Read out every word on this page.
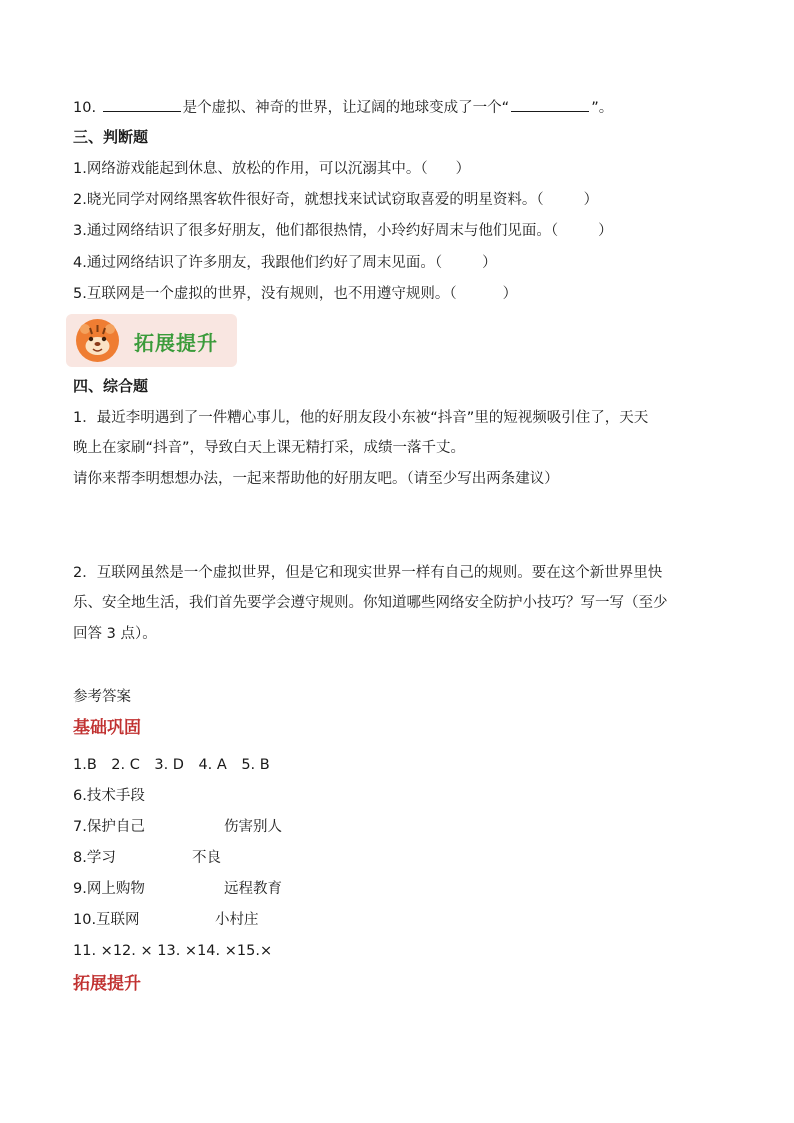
10.	是个虚拟、神奇的世界，让辽阔的地球变成了一个“	”。
三、判断题
1.网络游戏能起到休息、放松的作用，可以沉溺其中。（ ）
2.晓光同学对网络黑客软件很好奇，就想找来试试窃取喜爱的明星资料。（	）
3.通过网络结识了很多好朋友，他们都很热情，小玲约好周末与他们见面。（	）
4.通过网络结识了许多朋友，我跟他们约好了周末见面。（	）
5.互联网是一个虚拟的世界，没有规则，也不用遵守规则。（	）
拓展提升
四、综合题
1．最近李明遇到了一件糟心事儿，他的好朋友段小东被“抖音”里的短视频吸引住了，天天
晚上在家刷“抖音”，导致白天上课无精打采，成绩一落千丈。
请你来帮李明想想办法，一起来帮助他的好朋友吧。（请至少写出两条建议）
2．互联网虽然是一个虚拟世界，但是它和现实世界一样有自己的规则。要在这个新世界里快
乐、安全地生活，我们首先要学会遵守规则。你知道哪些网络安全防护小技巧？写一写（至少
回答 3 点）。
参考答案
基础巩固
1.B　2. C　3. D　4. A　5. B
6.技术手段
7.保护自己	伤害别人
8.学习	不良
9.网上购物	远程教育
10.互联网	小村庄
11. ×12. × 13. ×14. ×15.×
拓展提升
